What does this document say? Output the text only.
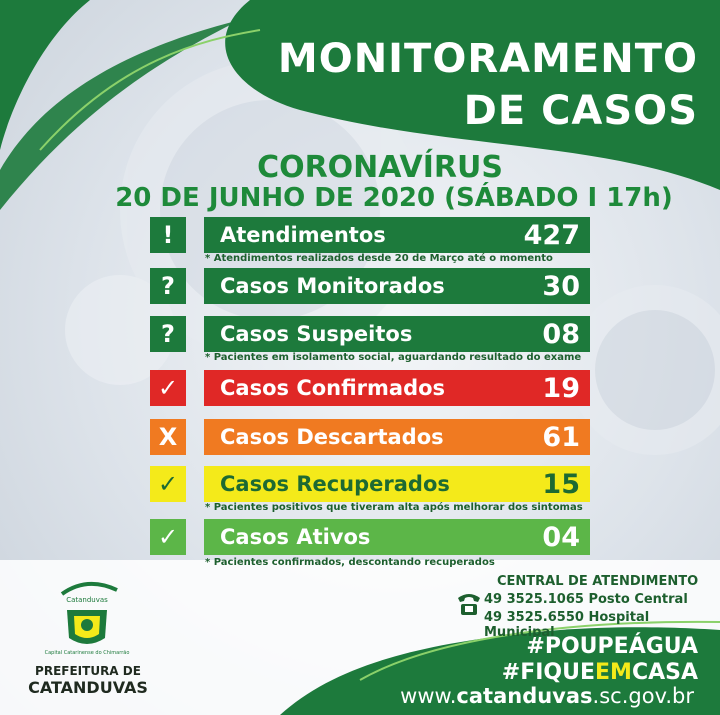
MONITORAMENTO
DE CASOS
CORONAVÍRUS
20 DE JUNHO DE 2020 (SÁBADO I 17h)
!	Atendimentos	427
* Atendimentos realizados desde 20 de Março até o momento
?	Casos Monitorados	30
?	Casos Suspeitos	08
* Pacientes em isolamento social, aguardando resultado do exame
✓	Casos Confirmados	19
X	Casos Descartados	61
✓	Casos Recuperados	15
* Pacientes positivos que tiveram alta após melhorar dos sintomas
✓	Casos Ativos	04
* Pacientes confirmados, descontando recuperados
CENTRAL DE ATENDIMENTO
49 3525.1065 Posto Central
49 3525.6550 Hospital Municipal
Catanduvas
Capital Catarinense do Chimarrão
PREFEITURA DE
CATANDUVAS
#POUPEÁGUA
#FIQUEEMCASA
www.catanduvas.sc.gov.br
